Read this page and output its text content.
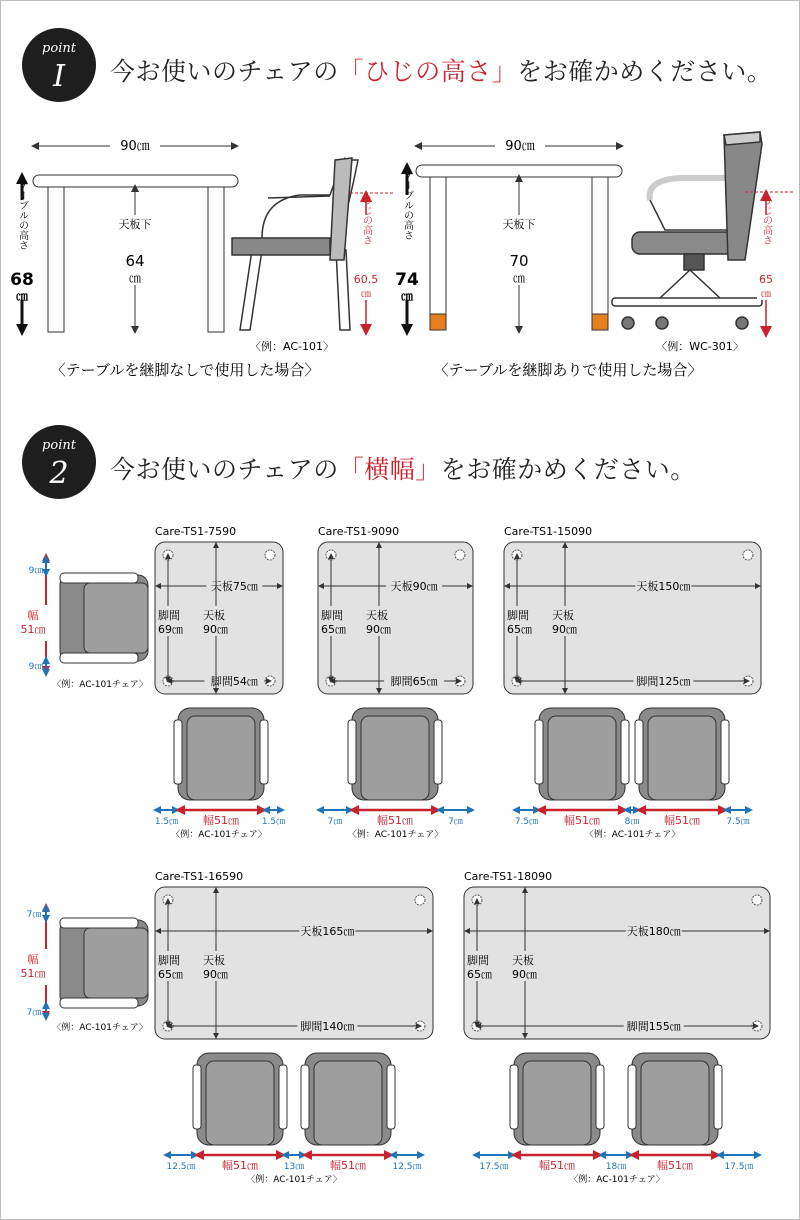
point
I	今お使いのチェアの「ひじの高さ」をお確かめください。
90㎝
天板下
64
㎝
テーブルの高さ
68
㎝
ひじの高さ
60.5
㎝
〈例：AC-101〉
〈テーブルを継脚なしで使用した場合〉
90㎝
天板下
70
㎝
テーブルの高さ
74
㎝
ひじの高さ
65
㎝
〈例：WC-301〉
〈テーブルを継脚ありで使用した場合〉
point
2	今お使いのチェアの「横幅」をお確かめください。
9㎝
幅
51㎝
9㎝
〈例：AC-101チェア〉
7㎝
幅
51㎝
7㎝
〈例：AC-101チェア〉
Care-TS1-7590
天板75㎝
脚間54㎝
脚間
69㎝
天板
90㎝
1.5㎝ 幅51㎝	1.5㎝
〈例：AC-101チェア〉
Care-TS1-9090
天板90㎝
脚間65㎝
脚間
65㎝
天板
90㎝
7㎝	幅51㎝	7㎝
〈例：AC-101チェア〉
Care-TS1-15090
天板150㎝
脚間125㎝
脚間
65㎝
天板
90㎝
7.5㎝ 幅51㎝	8㎝ 幅51㎝	7.5㎝
〈例：AC-101チェア〉
Care-TS1-16590
天板165㎝
脚間140㎝
脚間
65㎝
天板
90㎝
12.5㎝ 幅51㎝	13㎝ 幅51㎝	12.5㎝
〈例：AC-101チェア〉
Care-TS1-18090
天板180㎝
脚間155㎝
脚間
65㎝
天板
90㎝
17.5㎝	幅51㎝	18㎝	幅51㎝	17.5㎝
〈例：AC-101チェア〉
